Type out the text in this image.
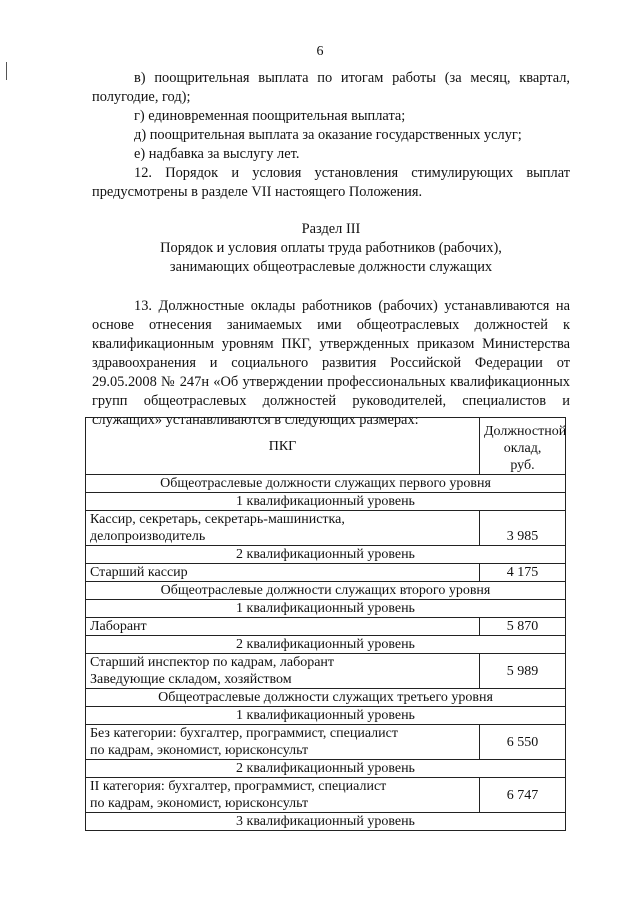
6

в) поощрительная выплата по итогам работы (за месяц, квартал, полугодие, год);

г) единовременная поощрительная выплата;

д) поощрительная выплата за оказание государственных услуг;

е) надбавка за выслугу лет.

12. Порядок и условия установления стимулирующих выплат предусмотрены в разделе VII настоящего Положения.

Раздел III
Порядок и условия оплаты труда работников (рабочих),
занимающих общеотраслевые должности служащих

13. Должностные оклады работников (рабочих) устанавливаются на основе отнесения занимаемых ими общеотраслевых должностей к квалификационным уровням ПКГ, утвержденных приказом Министерства здравоохранения и социального развития Российской Федерации от 29.05.2008 № 247н «Об утверждении профессиональных квалификационных групп общеотраслевых должностей руководителей, специалистов и служащих» устанавливаются в следующих размерах:

ПКГ	Должностной
оклад,
руб.

Общеотраслевые должности служащих первого уровня	
1 квалификационный уровень	

Кассир, секретарь, секретарь-машинистка,
делопроизводитель	3 985
2 квалификационный уровень	
Старший кассир	4 175
Общеотраслевые должности служащих второго уровня	
1 квалификационный уровень	
Лаборант	5 870
2 квалификационный уровень	

Старший инспектор по кадрам, лаборант
Заведующие складом, хозяйством	5 989
Общеотраслевые должности служащих третьего уровня	
1 квалификационный уровень	

Без категории: бухгалтер, программист, специалист
по кадрам, экономист, юрисконсульт	6 550
2 квалификационный уровень	

II категория: бухгалтер, программист, специалист
по кадрам, экономист, юрисконсульт	6 747
3 квалификационный уровень	
